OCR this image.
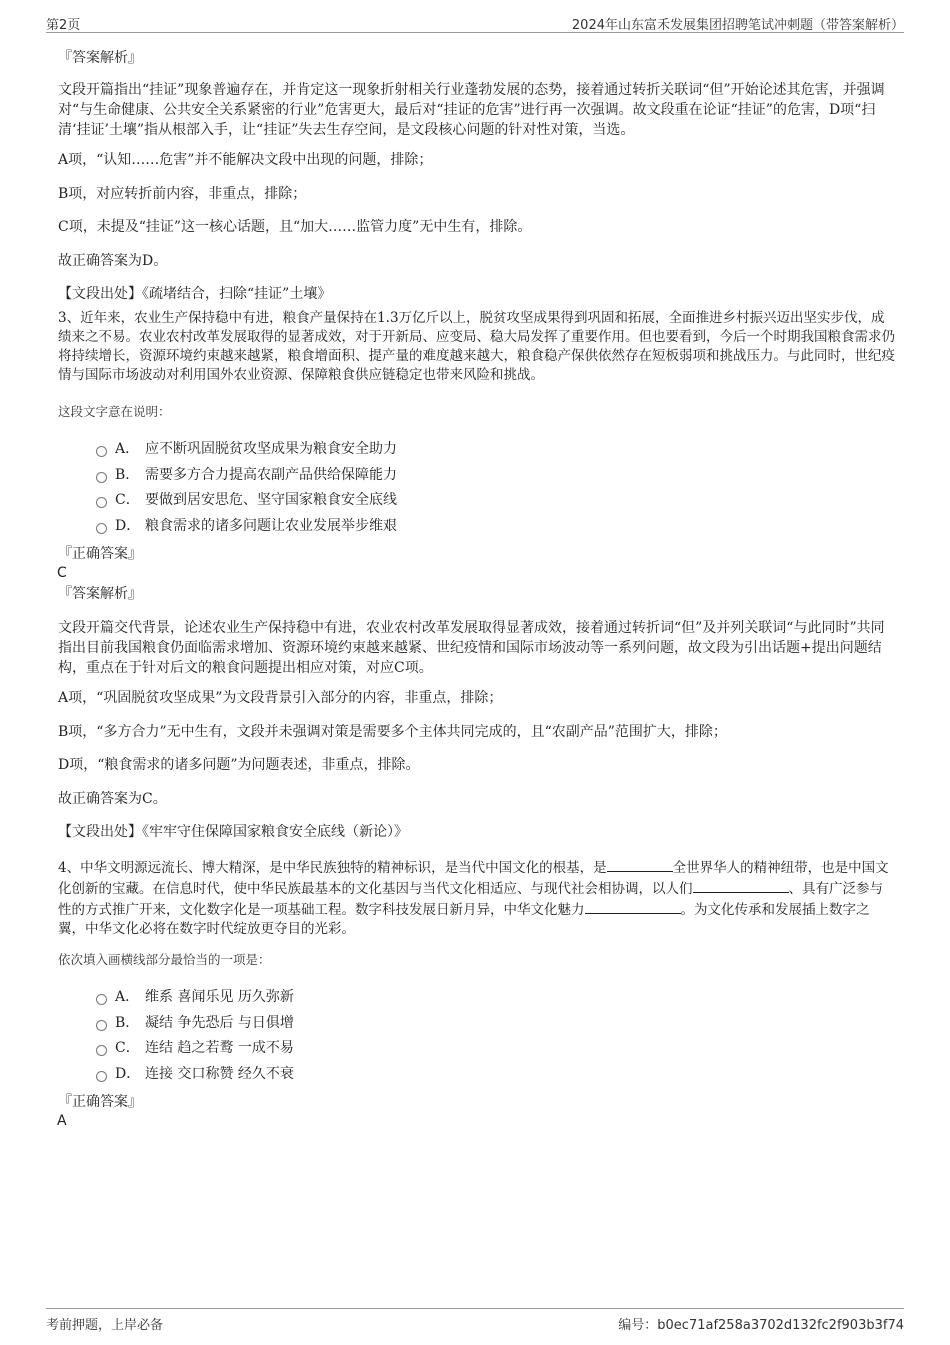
第2页	2024年山东富禾发展集团招聘笔试冲刺题（带答案解析）
『答案解析』
文段开篇指出“挂证”现象普遍存在，并肯定这一现象折射相关行业蓬勃发展的态势，接着通过转折关联词“但”开始论述其危害，并强调对“与生命健康、公共安全关系紧密的行业”危害更大，最后对“挂证的危害”进行再一次强调。故文段重在论证“挂证”的危害，D项“扫清‘挂证’土壤”指从根部入手，让“挂证”失去生存空间，是文段核心问题的针对性对策，当选。
A项，“认知……危害”并不能解决文段中出现的问题，排除；
B项，对应转折前内容，非重点，排除；
C项，未提及“挂证”这一核心话题，且“加大……监管力度”无中生有，排除。
故正确答案为D。
【文段出处】《疏堵结合，扫除“挂证”土壤》
3、近年来，农业生产保持稳中有进，粮食产量保持在1.3万亿斤以上，脱贫攻坚成果得到巩固和拓展，全面推进乡村振兴迈出坚实步伐，成绩来之不易。农业农村改革发展取得的显著成效，对于开新局、应变局、稳大局发挥了重要作用。但也要看到，今后一个时期我国粮食需求仍将持续增长，资源环境约束越来越紧，粮食增面积、提产量的难度越来越大，粮食稳产保供依然存在短板弱项和挑战压力。与此同时，世纪疫情与国际市场波动对利用国外农业资源、保障粮食供应链稳定也带来风险和挑战。
这段文字意在说明：
A． 应不断巩固脱贫攻坚成果为粮食安全助力
B． 需要多方合力提高农副产品供给保障能力
C． 要做到居安思危、坚守国家粮食安全底线
D． 粮食需求的诸多问题让农业发展举步维艰
『正确答案』
C
『答案解析』
文段开篇交代背景，论述农业生产保持稳中有进，农业农村改革发展取得显著成效，接着通过转折词“但”及并列关联词“与此同时”共同指出目前我国粮食仍面临需求增加、资源环境约束越来越紧、世纪疫情和国际市场波动等一系列问题，故文段为引出话题+提出问题结构，重点在于针对后文的粮食问题提出相应对策，对应C项。
A项，“巩固脱贫攻坚成果”为文段背景引入部分的内容，非重点，排除；
B项，“多方合力”无中生有，文段并未强调对策是需要多个主体共同完成的，且“农副产品”范围扩大，排除；
D项，“粮食需求的诸多问题”为问题表述，非重点，排除。
故正确答案为C。
【文段出处】《牢牢守住保障国家粮食安全底线（新论）》
4、中华文明源远流长、博大精深，是中华民族独特的精神标识，是当代中国文化的根基，是	全世界华人的精神纽带，也是中国文化创新的宝藏。在信息时代，使中华民族最基本的文化基因与当代文化相适应、与现代社会相协调，以人们	、具有广泛参与性的方式推广开来，文化数字化是一项基础工程。数字科技发展日新月异，中华文化魅力	。为文化传承和发展插上数字之翼，中华文化必将在数字时代绽放更夺目的光彩。
依次填入画横线部分最恰当的一项是：
A． 维系 喜闻乐见 历久弥新
B． 凝结 争先恐后 与日俱增
C． 连结 趋之若鹜 一成不易
D． 连接 交口称赞 经久不衰
『正确答案』
A
考前押题，上岸必备	编号：b0ec71af258a3702d132fc2f903b3f74
